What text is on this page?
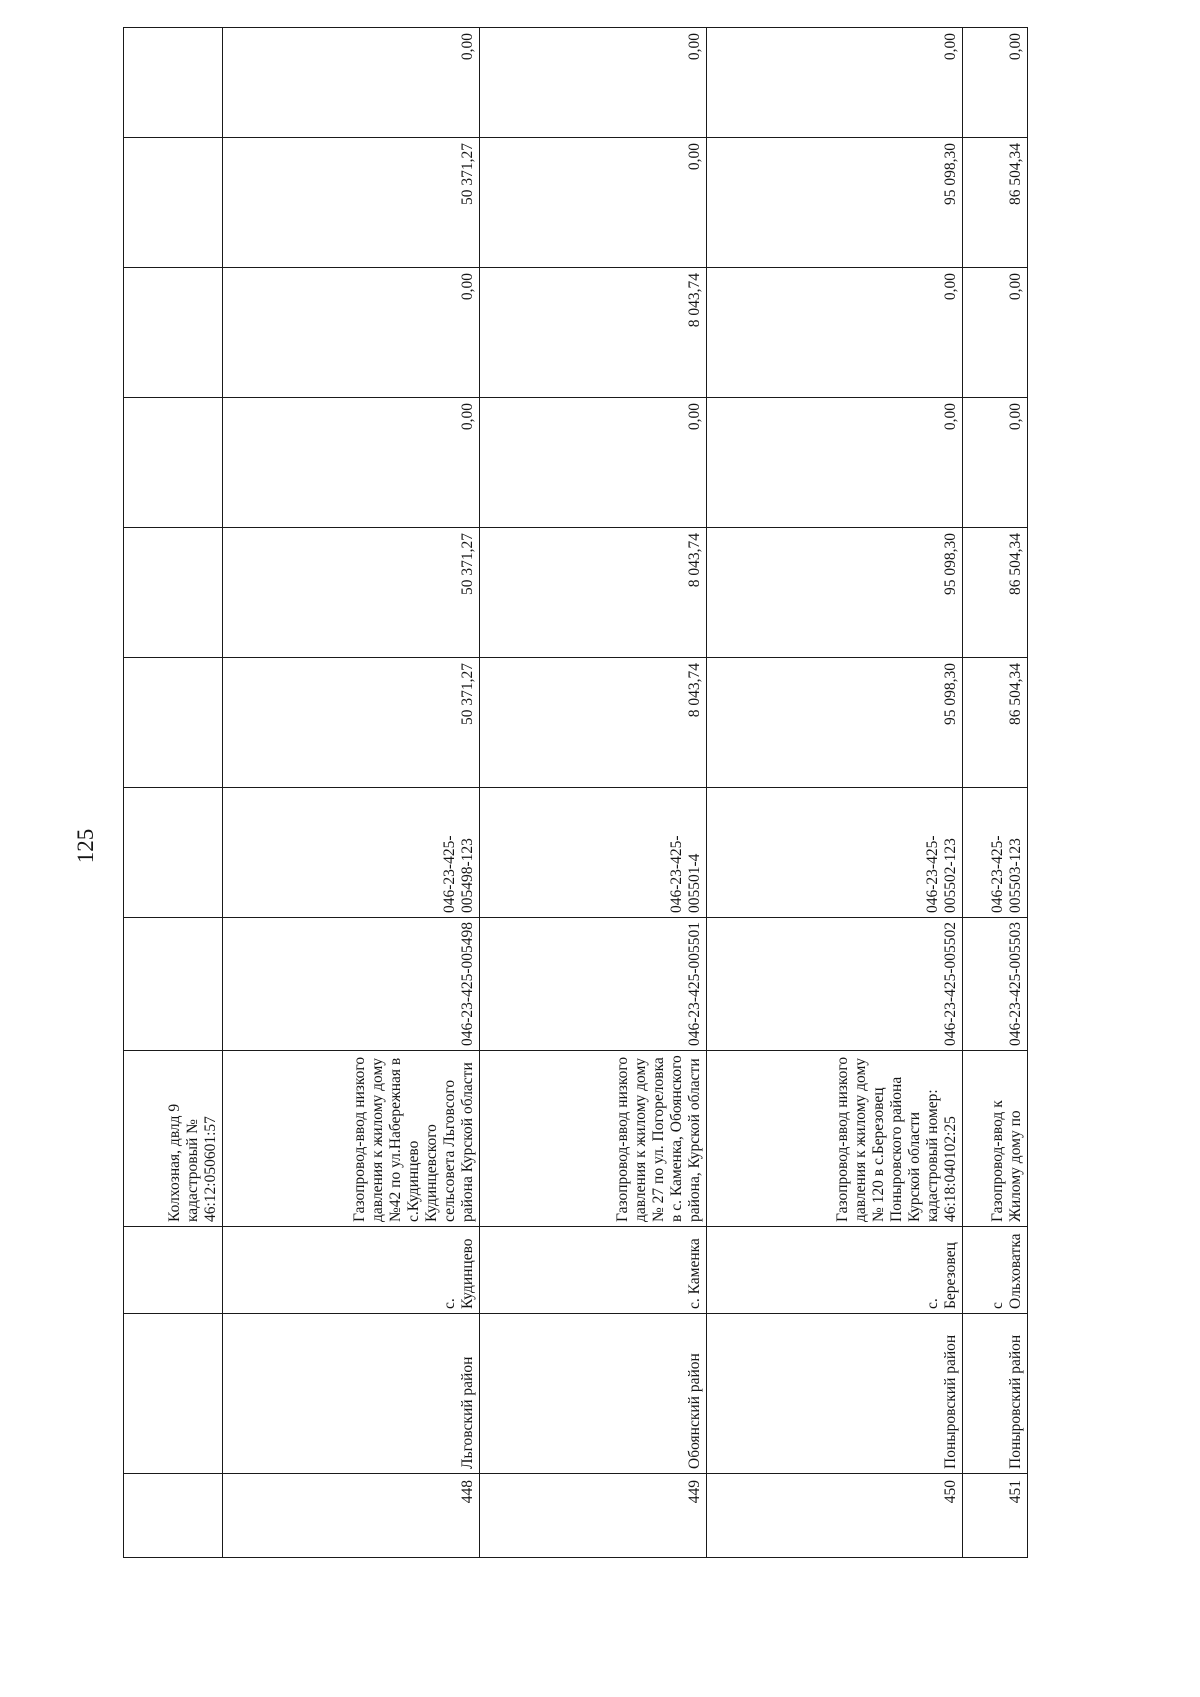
125
			Колхозная, двлд 9 кадастровый № 46:12:050601:57								
448	Льговский район	с. Кудинцево	Газопровод-ввод низкого давления к жилому дому №42 по ул.Набережная в с.Кудинцево Кудинцевского сельсовета Льговсого района Курской области	046-23-425-005498	046-23-425-005498-123	50 371,27	50 371,27	0,00	0,00	50 371,27	0,00
449	Обоянский район	с. Каменка	Газопровод-ввод низкого давления к жилому дому № 27 по ул. Погореловка в с. Каменка, Обоянского района, Курской области	046-23-425-005501	046-23-425-005501-4	8 043,74	8 043,74	0,00	8 043,74	0,00	0,00
450	Поныровский район	с. Березовец	Газопровод-ввод низкого давления к жилому дому № 120 в с.Березовец Поныровского района Курской области кадастровый номер: 46:18:040102:25	046-23-425-005502	046-23-425-005502-123	95 098,30	95 098,30	0,00	0,00	95 098,30	0,00
451	Поныровский район	с Ольховатка	Газопровод-ввод к Жилому дому по	046-23-425-005503	046-23-425-005503-123	86 504,34	86 504,34	0,00	0,00	86 504,34	0,00
